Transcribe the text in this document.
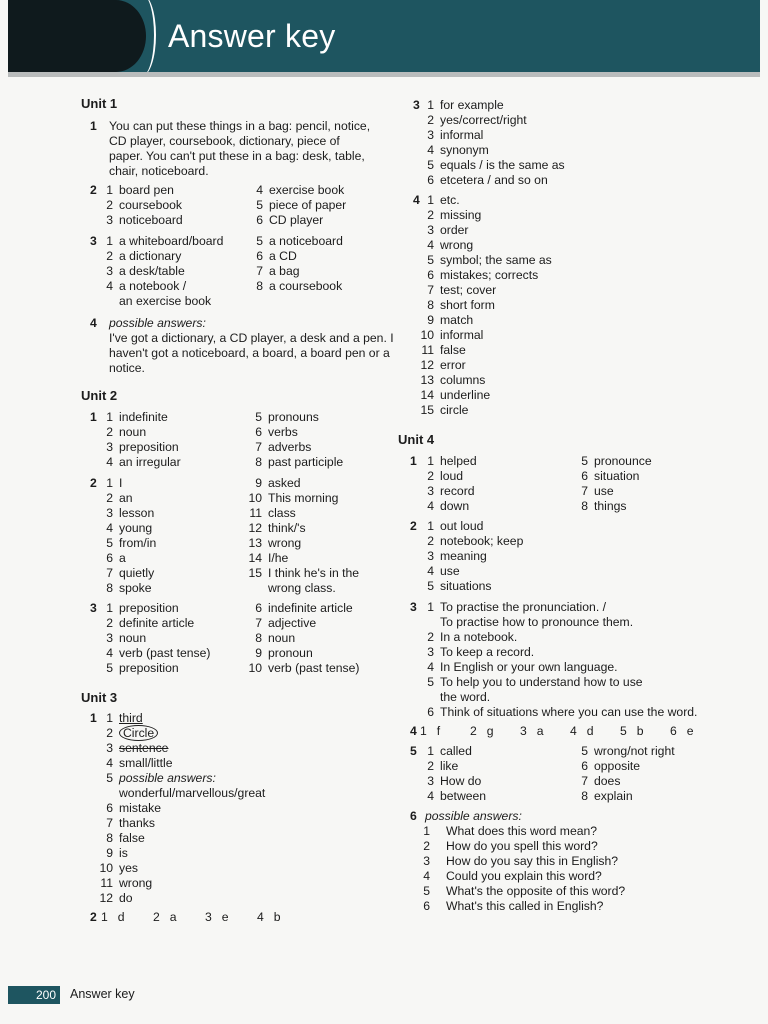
Answer key
Unit 1
1 You can put these things in a bag: pencil, notice, CD player, coursebook, dictionary, piece of paper. You can't put these in a bag: desk, table, chair, noticeboard.
2 1 board pen
2 coursebook
3 noticeboard
4 exercise book
5 piece of paper
6 CD player
3 1 a whiteboard/board
2 a dictionary
3 a desk/table
4 a notebook /
an exercise book
5 a noticeboard
6 a CD
7 a bag
8 a coursebook
4 possible answers:
I've got a dictionary, a CD player, a desk and a pen. I haven't got a noticeboard, a board, a board pen or a notice.
Unit 2
1 1 indefinite
2 noun
3 preposition
4 an irregular
5 pronouns
6 verbs
7 adverbs
8 past participle
2 1 I
2 an
3 lesson
4 young
5 from/in
6 a
7 quietly
8 spoke
9 asked
10 This morning
11 class
12 think/'s
13 wrong
14 I/he
15 I think he's in the
wrong class.
3 1 preposition
2 definite article
3 noun
4 verb (past tense)
5 preposition
6 indefinite article
7 adjective
8 noun
9 pronoun
10 verb (past tense)
Unit 3
1 1 third
2 Circle
3 sentence
4 small/little
5 possible answers:
wonderful/marvellous/great
6 mistake
7 thanks
8 false
9 is
10 yes
11 wrong
12 do
2 1 d 2 a 3 e 4 b
3 1 for example
2 yes/correct/right
3 informal
4 synonym
5 equals / is the same as
6 etcetera / and so on
4 1 etc.
2 missing
3 order
4 wrong
5 symbol; the same as
6 mistakes; corrects
7 test; cover
8 short form
9 match
10 informal
11 false
12 error
13 columns
14 underline
15 circle
Unit 4
1 1 helped
2 loud
3 record
4 down
5 pronounce
6 situation
7 use
8 things
2 1 out loud
2 notebook; keep
3 meaning
4 use
5 situations
3 1 To practise the pronunciation. /
To practise how to pronounce them.
2 In a notebook.
3 To keep a record.
4 In English or your own language.
5 To help you to understand how to use
the word.
6 Think of situations where you can use the word.
4 1 f 2 g 3 a 4 d 5 b 6 e
5 1 called
2 like
3 How do
4 between
5 wrong/not right
6 opposite
7 does
8 explain
6 possible answers:
1 What does this word mean?
2 How do you spell this word?
3 How do you say this in English?
4 Could you explain this word?
5 What's the opposite of this word?
6 What's this called in English?
200	Answer key
